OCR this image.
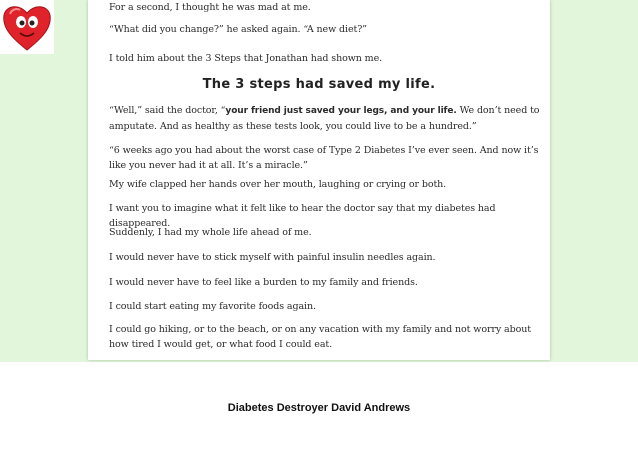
For a second, I thought he was mad at me.

“What did you change?” he asked again. “A new diet?”

I told him about the 3 Steps that Jonathan had shown me.

The 3 steps had saved my life.

“Well,” said the doctor, “your friend just saved your legs, and your life. We don’t need to amputate. And as healthy as these tests look, you could live to be a hundred.”

“6 weeks ago you had about the worst case of Type 2 Diabetes I’ve ever seen. And now it’s like you never had it at all. It’s a miracle.”

My wife clapped her hands over her mouth, laughing or crying or both.

I want you to imagine what it felt like to hear the doctor say that my diabetes had disappeared.

Suddenly, I had my whole life ahead of me.

I would never have to stick myself with painful insulin needles again.

I would never have to feel like a burden to my family and friends.

I could start eating my favorite foods again.

I could go hiking, or to the beach, or on any vacation with my family and not worry about how tired I would get, or what food I could eat.

Diabetes Destroyer David Andrews
